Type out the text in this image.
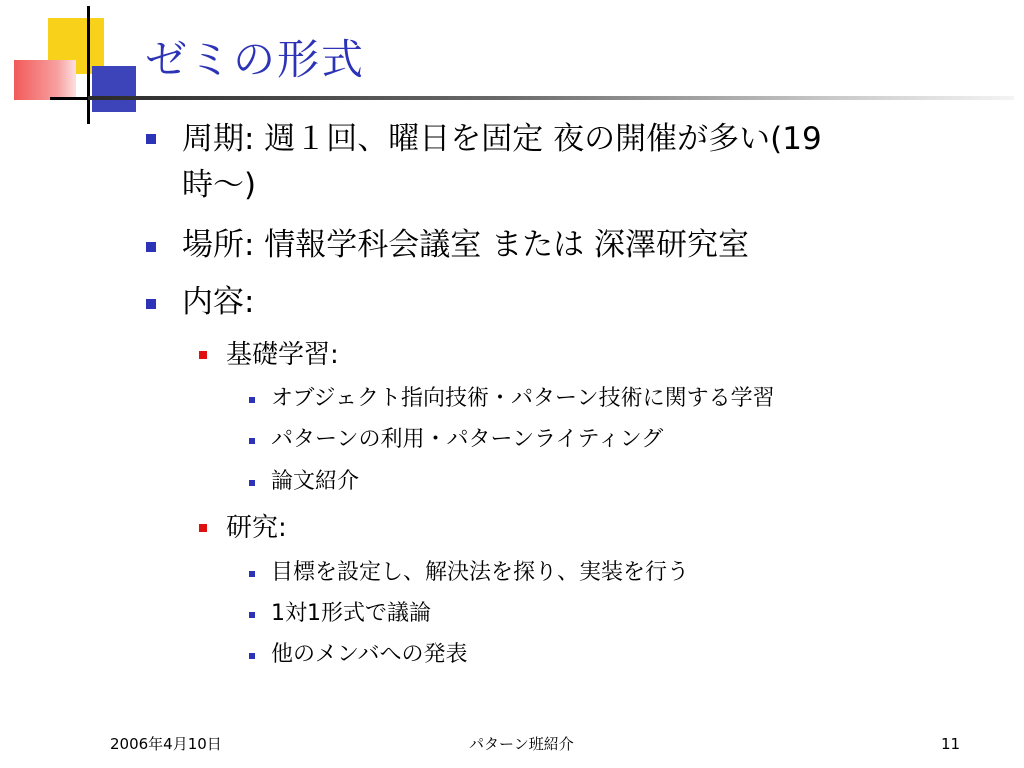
ゼミの形式
周期: 週１回、曜日を固定 夜の開催が多い(19
時～)
場所: 情報学科会議室 または 深澤研究室
内容:
基礎学習:
オブジェクト指向技術・パターン技術に関する学習
パターンの利用・パターンライティング
論文紹介
研究:
目標を設定し、解決法を探り、実装を行う
1対1形式で議論
他のメンバへの発表
2006年4月10日	パターン班紹介	11
